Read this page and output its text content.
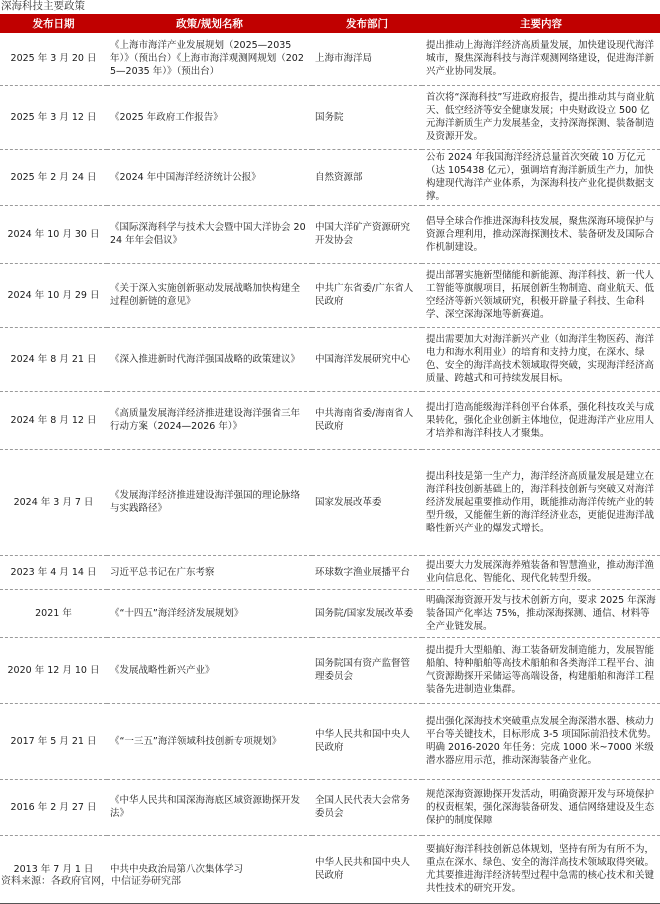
深海科技主要政策
发布日期	政策/规划名称	发布部门	主要内容
2025 年 3 月 20 日	《上海市海洋产业发展规划（2025—2035 年）》（预出台）《上海市海洋观测网规划（2025—2035 年）》（预出台）	上海市海洋局	提出推动上海海洋经济高质量发展，加快建设现代海洋城市，聚焦深海科技与海洋观测网络建设，促进海洋新兴产业协同发展。
2025 年 3 月 12 日	《2025 年政府工作报告》	国务院	首次将“深海科技”写进政府报告，提出推动其与商业航天、低空经济等安全健康发展；中央财政设立 500 亿元海洋新质生产力发展基金，支持深海探测、装备制造及资源开发。
2025 年 2 月 24 日	《2024 年中国海洋经济统计公报》	自然资源部	公布 2024 年我国海洋经济总量首次突破 10 万亿元（达 105438 亿元），强调培育海洋新质生产力，加快构建现代海洋产业体系，为深海科技产业化提供数据支撑。
2024 年 10 月 30 日	《国际深海科学与技术大会暨中国大洋协会 2024 年年会倡议》	中国大洋矿产资源研究开发协会	倡导全球合作推进深海科技发展，聚焦深海环境保护与资源合理利用，推动深海探测技术、装备研发及国际合作机制建设。
2024 年 10 月 29 日	《关于深入实施创新驱动发展战略加快构建全过程创新链的意见》	中共广东省委/广东省人民政府	提出部署实施新型储能和新能源、海洋科技、新一代人工智能等旗舰项目，拓展创新生物制造、商业航天、低空经济等新兴领域研究，积极开辟量子科技、生命科学、深空深海深地等新赛道。
2024 年 8 月 21 日	《深入推进新时代海洋强国战略的政策建议》	中国海洋发展研究中心	提出需要加大对海洋新兴产业（如海洋生物医药、海洋电力和海水利用业）的培育和支持力度，在深水、绿色、安全的海洋高技术领域取得突破，实现海洋经济高质量、跨越式和可持续发展目标。
2024 年 8 月 12 日	《高质量发展海洋经济推进建设海洋强省三年行动方案（2024—2026 年）》	中共海南省委/海南省人民政府	提出打造高能级海洋科创平台体系，强化科技攻关与成果转化，强化企业创新主体地位，促进海洋产业应用人才培养和海洋科技人才聚集。
2024 年 3 月 7 日	《发展海洋经济推进建设海洋强国的理论脉络与实践路径》	国家发展改革委	提出科技是第一生产力，海洋经济高质量发展是建立在海洋科技创新基础上的，海洋科技创新与突破又对海洋经济发展起重要推动作用，既能推动海洋传统产业的转型升级，又能催生新的海洋经济业态，更能促进海洋战略性新兴产业的爆发式增长。
2023 年 4 月 14 日	习近平总书记在广东考察	环球数字渔业展播平台	提出要大力发展深海养殖装备和智慧渔业，推动海洋渔业向信息化、智能化、现代化转型升级。
2021 年	《“十四五”海洋经济发展规划》	国务院/国家发展改革委	明确深海资源开发与技术创新方向，要求 2025 年深海装备国产化率达 75%，推动深海探测、通信、材料等全产业链发展。
2020 年 12 月 10 日	《发展战略性新兴产业》	国务院国有资产监督管理委员会	提出提升大型船舶、海工装备研发制造能力，发展智能船舶、特种船舶等高技术船舶和各类海洋工程平台、油气资源勘探开采储运等高端设备，构建船舶和海洋工程装备先进制造业集群。
2017 年 5 月 21 日	《“一三五”海洋领域科技创新专项规划》	中华人民共和国中央人民政府	提出强化深海技术突破重点发展全海深潜水器、核动力平台等关键技术，目标形成 3-5 项国际前沿技术优势。明确 2016-2020 年任务：完成 1000 米~7000 米级潜水器应用示范，推动深海装备产业化。
2016 年 2 月 27 日	《中华人民共和国深海海底区域资源勘探开发法》	全国人民代表大会常务委员会	规范深海资源勘探开发活动，明确资源开发与环境保护的权责框架，强化深海装备研发、通信网络建设及生态保护的制度保障
2013 年 7 月 1 日	中共中央政治局第八次集体学习	中华人民共和国中央人民政府	要搞好海洋科技创新总体规划，坚持有所为有所不为，重点在深水、绿色、安全的海洋高技术领域取得突破。尤其要推进海洋经济转型过程中急需的核心技术和关键共性技术的研究开发。
资料来源：各政府官网，中信证券研究部
